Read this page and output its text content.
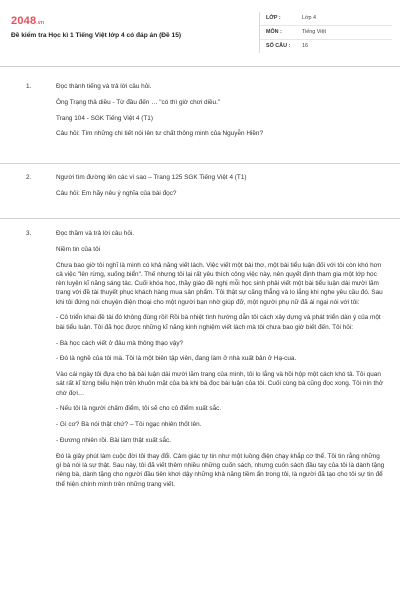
2048.vn
Đề kiểm tra Học kì 1 Tiếng Việt lớp 4 có đáp án (Đề 15)
LỚP :	Lớp 4
MÔN :	Tiếng Việt
SỐ CÂU :	16
1.	Đọc thành tiếng và trả lời câu hỏi.

Ông Trạng thả diều - Từ đầu đến … "có thì giờ chơi diều."

Trang 104 - SGK Tiếng Việt 4 (T1)

Câu hỏi: Tìm những chi tiết nói lên tư chất thông minh của Nguyễn Hiền?

2.	Người tìm đường lên các vì sao – Trang 125 SGK Tiếng Việt 4 (T1)

Câu hỏi: Em hãy nêu ý nghĩa của bài đọc?

3.	Đọc thầm và trả lời câu hỏi.

Niềm tin của tôi

Chưa bao giờ tôi nghĩ là mình có khả năng viết lách. Việc viết một bài thơ, một bài tiểu luận đối với tôi còn khó hơn cả việc "lên rừng, xuống biển". Thế nhưng tôi lại rất yêu thích công việc này, nên quyết định tham gia một lớp học rèn luyện kĩ năng sáng tác. Cuối khóa học, thầy giáo đề nghị mỗi học sinh phải viết một bài tiểu luận dài mười lăm trang với đề tài thuyết phục khách hàng mua sản phẩm. Tôi thật sự căng thẳng và lo lắng khi nghe yêu cầu đó. Sau khi tôi đứng nói chuyện điện thoại cho một người bạn nhờ giúp đỡ, một người phụ nữ đã ái ngại nói với tôi:

- Cô triển khai đề tài đó không đúng rồi! Rồi bà nhiệt tình hướng dẫn tôi cách xây dựng và phát triển dàn ý của một bài tiểu luận. Tôi đã học được những kĩ năng kinh nghiệm viết lách mà tôi chưa bao giờ biết đến. Tôi hỏi:

- Bà học cách viết ở đâu mà thông thạo vậy?

- Đó là nghề của tôi mà. Tôi là một biên tập viên, đang làm ở nhà xuất bản ở Hạ-cua.

Vào cái ngày tôi đựa cho bà bài luận dài mười lăm trang của mình, tôi lo lắng và hồi hộp một cách khó tả. Tôi quan sát rất kĩ từng biểu hiện trên khuôn mặt của bà khi bà đọc bài luận của tôi. Cuối cùng bà cũng đọc xong. Tôi nín thở chờ đợi…

- Nếu tôi là người chấm điểm, tôi sẽ cho cô điểm xuất sắc.

- Gì cơ? Bà nói thật chứ? – Tôi ngạc nhiên thốt lên.

- Đương nhiên rồi. Bài làm thật xuất sắc.

Đó là giây phút làm cuộc đời tôi thay đổi. Cảm giác tự tin như một luồng điện chạy khắp cơ thể. Tôi tin rằng những gì bà nói là sự thật. Sau này, tôi đã viết thêm nhiều những cuốn sách, nhưng cuốn sách đầu tay của tôi là dành tặng riêng bà, dành tặng cho người đầu tiên khơi dậy những khả năng tiềm ẩn trong tôi, là người đã tạo cho tôi sự tin để thể hiện chính mình trên những trang viết.
